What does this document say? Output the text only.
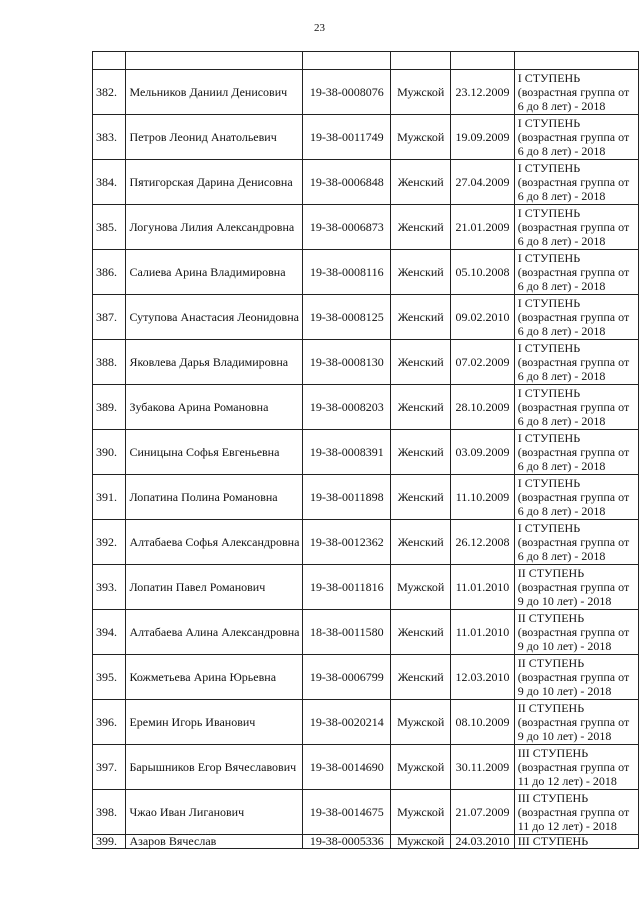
23

382.	Мельников Даниил Денисович	19-38-0008076	Мужской	23.12.2009	I СТУПЕНЬ
(возрастная группа от
6 до 8 лет) - 2018

383.	Петров Леонид Анатольевич	19-38-0011749	Мужской	19.09.2009	I СТУПЕНЬ
(возрастная группа от
6 до 8 лет) - 2018

384.	Пятигорская Дарина Денисовна	19-38-0006848	Женский	27.04.2009	I СТУПЕНЬ
(возрастная группа от
6 до 8 лет) - 2018

385.	Логунова Лилия Александровна	19-38-0006873	Женский	21.01.2009	I СТУПЕНЬ
(возрастная группа от
6 до 8 лет) - 2018

386.	Салиева Арина Владимировна	19-38-0008116	Женский	05.10.2008	I СТУПЕНЬ
(возрастная группа от
6 до 8 лет) - 2018

387.	Сутупова Анастасия Леонидовна	19-38-0008125	Женский	09.02.2010	I СТУПЕНЬ
(возрастная группа от
6 до 8 лет) - 2018

388.	Яковлева Дарья Владимировна	19-38-0008130	Женский	07.02.2009	I СТУПЕНЬ
(возрастная группа от
6 до 8 лет) - 2018

389.	Зубакова Арина Романовна	19-38-0008203	Женский	28.10.2009	I СТУПЕНЬ
(возрастная группа от
6 до 8 лет) - 2018

390.	Синицына Софья Евгеньевна	19-38-0008391	Женский	03.09.2009	I СТУПЕНЬ
(возрастная группа от
6 до 8 лет) - 2018

391.	Лопатина Полина Романовна	19-38-0011898	Женский	11.10.2009	I СТУПЕНЬ
(возрастная группа от
6 до 8 лет) - 2018

392.	Алтабаева Софья Александровна	19-38-0012362	Женский	26.12.2008	I СТУПЕНЬ
(возрастная группа от
6 до 8 лет) - 2018

393.	Лопатин Павел Романович	19-38-0011816	Мужской	11.01.2010	II СТУПЕНЬ
(возрастная группа от
9 до 10 лет) - 2018

394.	Алтабаева Алина Александровна	18-38-0011580	Женский	11.01.2010	II СТУПЕНЬ
(возрастная группа от
9 до 10 лет) - 2018

395.	Кожметьева Арина Юрьевна	19-38-0006799	Женский	12.03.2010	II СТУПЕНЬ
(возрастная группа от
9 до 10 лет) - 2018

396.	Еремин Игорь Иванович	19-38-0020214	Мужской	08.10.2009	II СТУПЕНЬ
(возрастная группа от
9 до 10 лет) - 2018

397.	Барышников Егор Вячеславович	19-38-0014690	Мужской	30.11.2009	III СТУПЕНЬ
(возрастная группа от
11 до 12 лет) - 2018

398.	Чжао Иван Лиганович	19-38-0014675	Мужской	21.07.2009	III СТУПЕНЬ
(возрастная группа от
11 до 12 лет) - 2018

399.	Азаров Вячеслав	19-38-0005336	Мужской	24.03.2010	III СТУПЕНЬ
